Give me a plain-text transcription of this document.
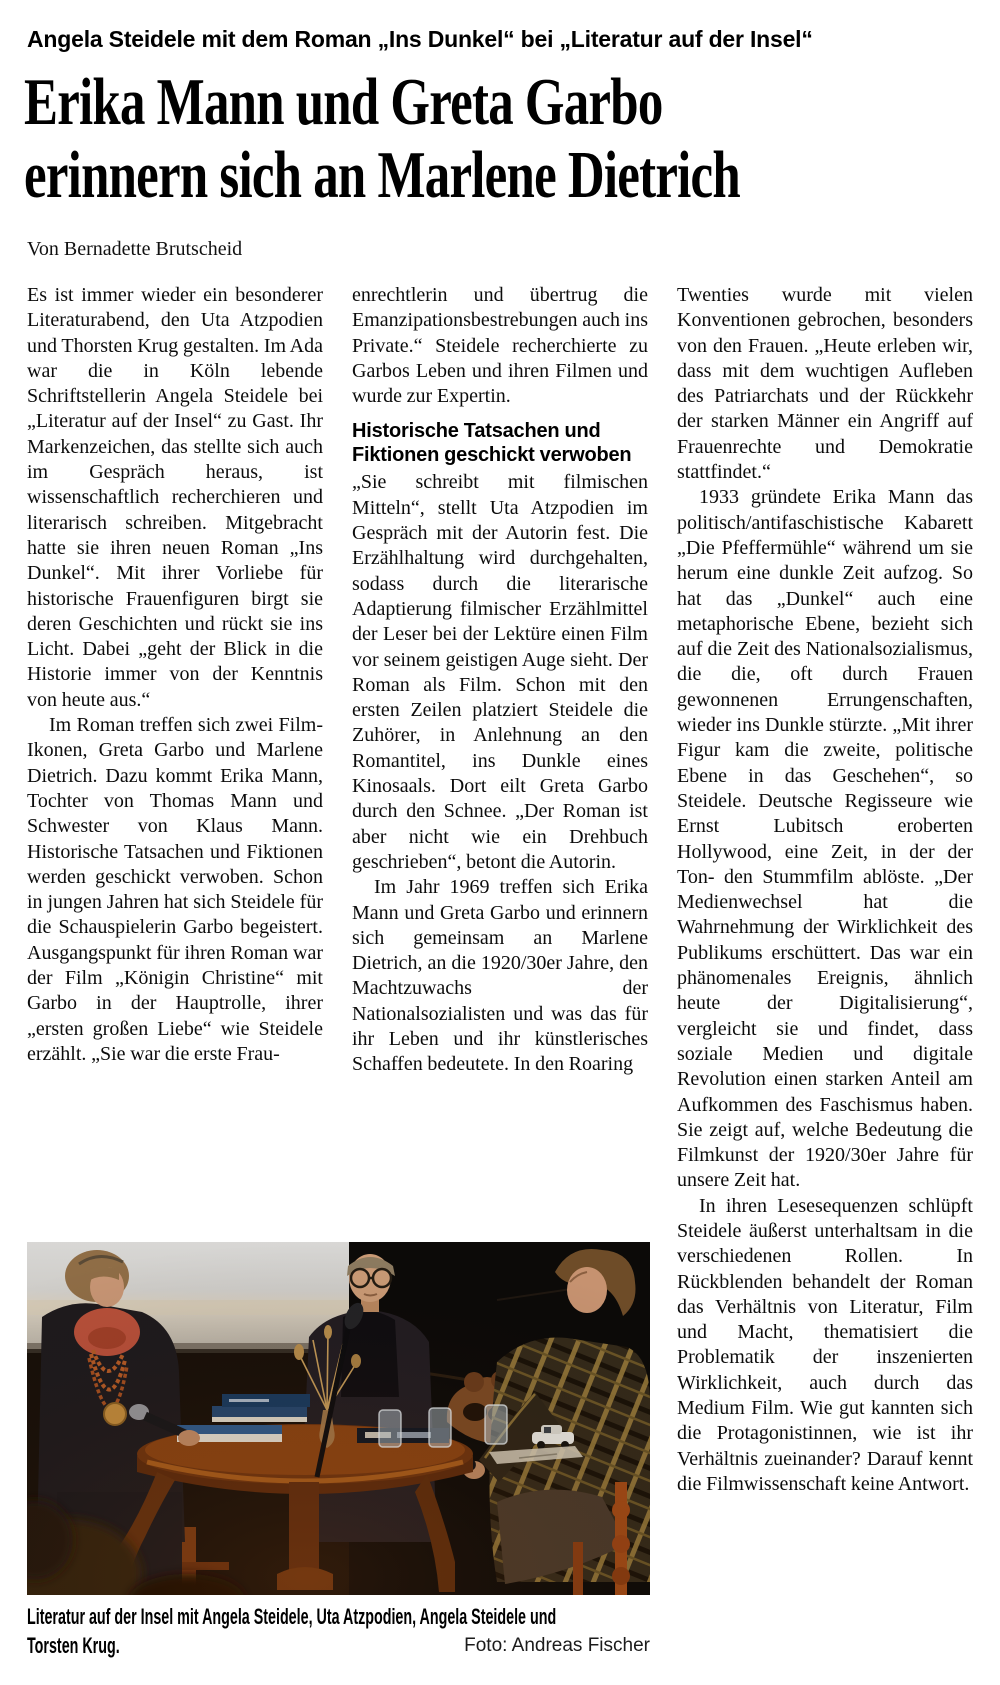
Angela Steidele mit dem Roman „Ins Dunkel“ bei „Literatur auf der Insel“
Erika Mann und Greta Garbo
erinnern sich an Marlene Dietrich
Von Bernadette Brutscheid

Es ist immer wieder ein besonderer Literaturabend, den Uta Atzpodien und Thorsten Krug gestalten. Im Ada war die in Köln lebende Schriftstellerin Angela Steidele bei „Literatur auf der Insel“ zu Gast. Ihr Markenzeichen, das stellte sich auch im Gespräch heraus, ist wissenschaftlich recherchieren und literarisch schreiben. Mitgebracht hatte sie ihren neuen Roman „Ins Dunkel“. Mit ihrer Vorliebe für historische Frauenfiguren birgt sie deren Geschichten und rückt sie ins Licht. Dabei „geht der Blick in die Historie immer von der Kenntnis von heute aus.“

Im Roman treffen sich zwei Film-Ikonen, Greta Garbo und Marlene Dietrich. Dazu kommt Erika Mann, Tochter von Thomas Mann und Schwester von Klaus Mann. Historische Tatsachen und Fiktionen werden geschickt verwoben. Schon in jungen Jahren hat sich Steidele für die Schauspielerin Garbo begeistert. Ausgangspunkt für ihren Roman war der Film „Königin Christine“ mit Garbo in der Hauptrolle, ihrer „ersten großen Liebe“ wie Steidele erzählt. „Sie war die erste Frau-

enrechtlerin und übertrug die Emanzipationsbestrebungen auch ins Private.“ Steidele recherchierte zu Garbos Leben und ihren Filmen und wurde zur Expertin.

Historische Tatsachen und Fiktionen geschickt verwoben

„Sie schreibt mit filmischen Mitteln“, stellt Uta Atzpodien im Gespräch mit der Autorin fest. Die Erzählhaltung wird durchgehalten, sodass durch die literarische Adaptierung filmischer Erzählmittel der Leser bei der Lektüre einen Film vor seinem geistigen Auge sieht. Der Roman als Film. Schon mit den ersten Zeilen platziert Steidele die Zuhörer, in Anlehnung an den Romantitel, ins Dunkle eines Kinosaals. Dort eilt Greta Garbo durch den Schnee. „Der Roman ist aber nicht wie ein Drehbuch geschrieben“, betont die Autorin.

Im Jahr 1969 treffen sich Erika Mann und Greta Garbo und erinnern sich gemeinsam an Marlene Dietrich, an die 1920/30er Jahre, den Machtzuwachs der Nationalsozialisten und was das für ihr Leben und ihr künstlerisches Schaffen bedeutete. In den Roaring

Twenties wurde mit vielen Konventionen gebrochen, besonders von den Frauen. „Heute erleben wir, dass mit dem wuchtigen Aufleben des Patriarchats und der Rückkehr der starken Männer ein Angriff auf Frauenrechte und Demokratie stattfindet.“

1933 gründete Erika Mann das politisch/antifaschistische Kabarett „Die Pfeffermühle“ während um sie herum eine dunkle Zeit aufzog. So hat das „Dunkel“ auch eine metaphorische Ebene, bezieht sich auf die Zeit des Nationalsozialismus, die die, oft durch Frauen gewonnenen Errungenschaften, wieder ins Dunkle stürzte. „Mit ihrer Figur kam die zweite, politische Ebene in das Geschehen“, so Steidele. Deutsche Regisseure wie Ernst Lubitsch eroberten Hollywood, eine Zeit, in der der Ton- den Stummfilm ablöste. „Der Medienwechsel hat die Wahrnehmung der Wirklichkeit des Publikums erschüttert. Das war ein phänomenales Ereignis, ähnlich heute der Digitalisierung“, vergleicht sie und findet, dass soziale Medien und digitale Revolution einen starken Anteil am Aufkommen des Faschismus haben. Sie zeigt auf, welche Bedeutung die Filmkunst der 1920/30er Jahre für unsere Zeit hat.

In ihren Lesesequenzen schlüpft Steidele äußerst unterhaltsam in die verschiedenen Rollen. In Rückblenden behandelt der Roman das Verhältnis von Literatur, Film und Macht, thematisiert die Problematik der inszenierten Wirklichkeit, auch durch das Medium Film. Wie gut kannten sich die Protagonistinnen, wie ist ihr Verhältnis zueinander? Darauf kennt die Filmwissenschaft keine Antwort.

Literatur auf der Insel mit Angela Steidele, Uta Atzpodien, Angela Steidele und
Torsten Krug.	Foto: Andreas Fischer
